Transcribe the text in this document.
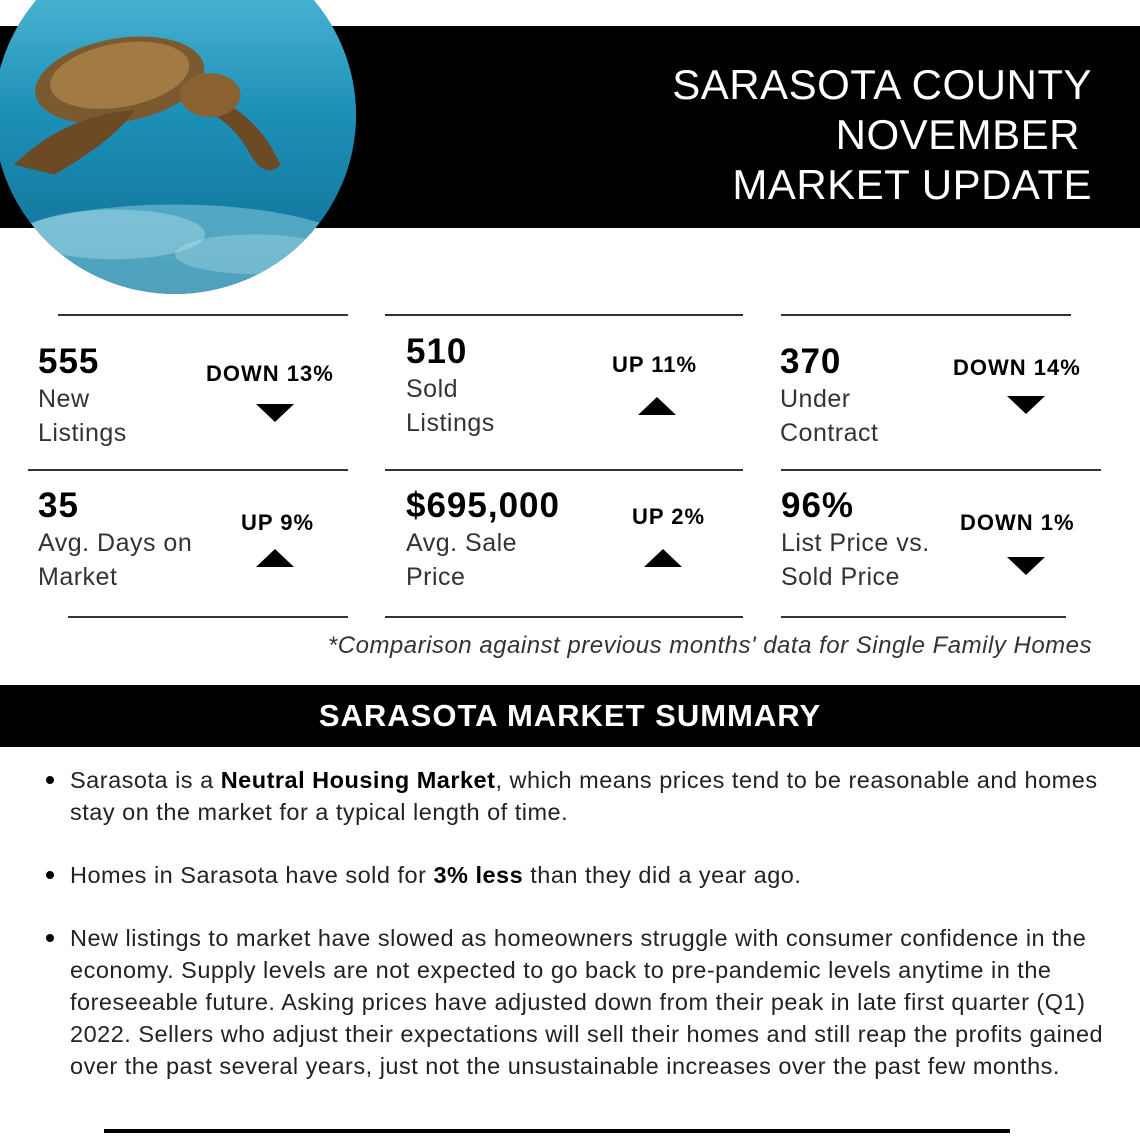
SARASOTA COUNTY
NOVEMBER
MARKET UPDATE
555
New
Listings
DOWN 13%
510
Sold
Listings
UP 11% 370
Under
Contract
DOWN 14%
35
Avg. Days on
Market
UP 9%	$695,000
Avg. Sale
Price
UP 2% 96%
List Price vs.
Sold Price
DOWN 1%
*Comparison against previous months' data for Single Family Homes
SARASOTA MARKET SUMMARY
Sarasota is a Neutral Housing Market, which means prices tend to be reasonable and homes stay on the market for a typical length of time.
Homes in Sarasota have sold for 3% less than they did a year ago.
New listings to market have slowed as homeowners struggle with consumer confidence in the economy. Supply levels are not expected to go back to pre-pandemic levels anytime in the foreseeable future. Asking prices have adjusted down from their peak in late first quarter (Q1) 2022. Sellers who adjust their expectations will sell their homes and still reap the profits gained over the past several years, just not the unsustainable increases over the past few months.
